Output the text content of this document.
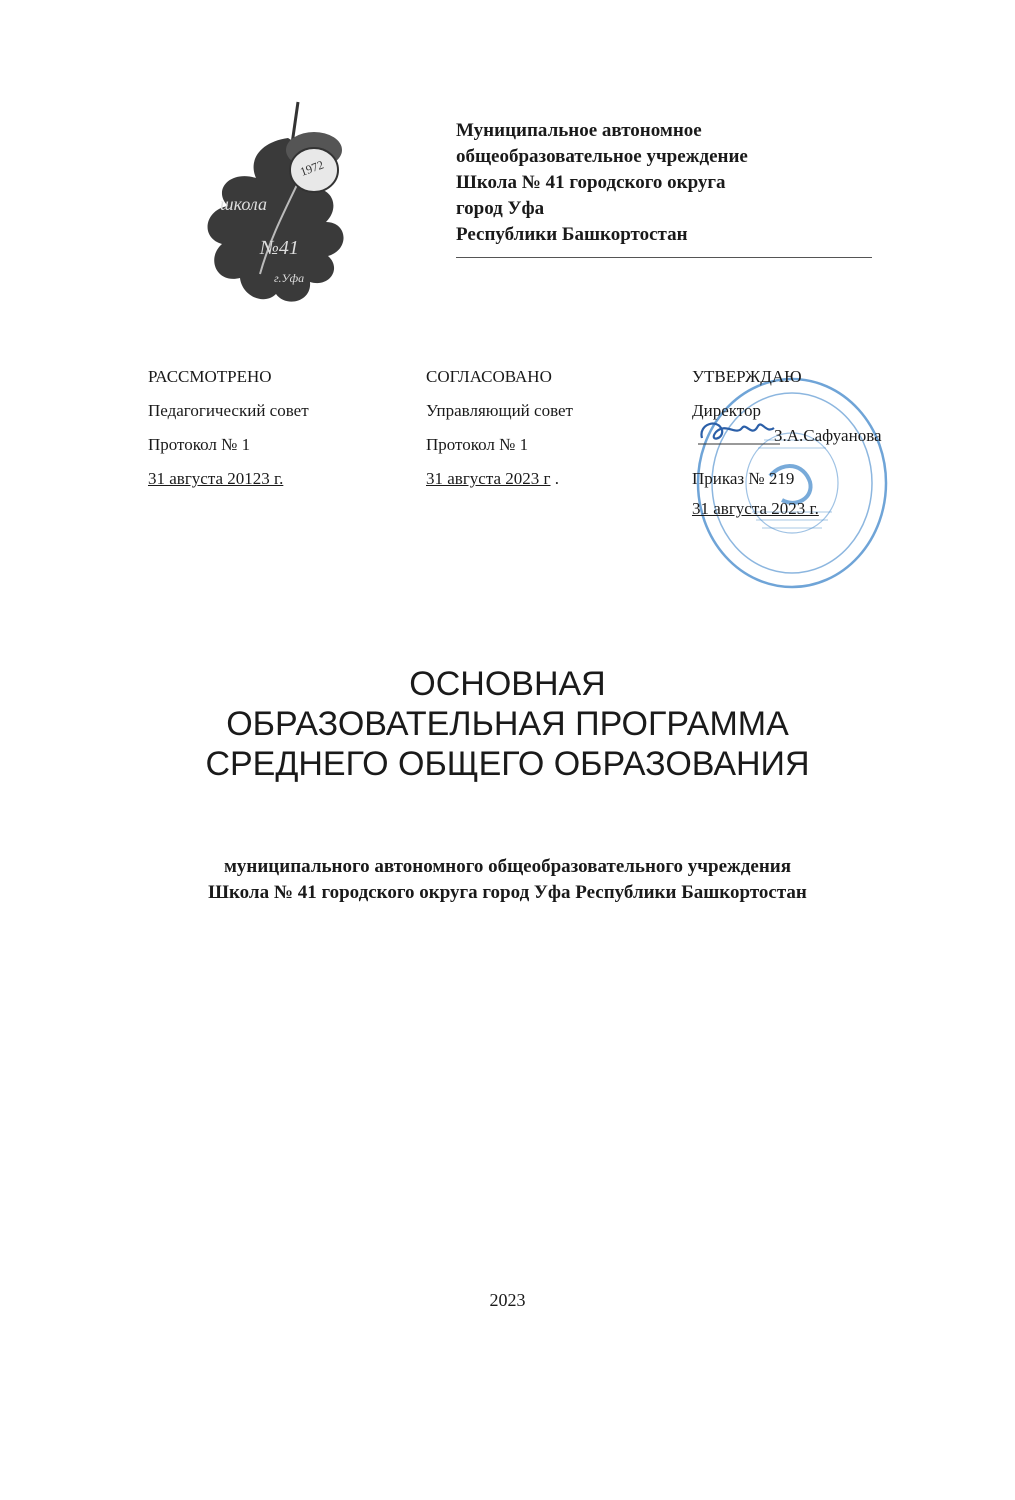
1972
школа
№41
г.Уфа
Муниципальное автономное
общеобразовательное учреждение
Школа № 41 городского округа
город Уфа
Республики Башкортостан
РАССМОТРЕНО
Педагогический совет
Протокол № 1
31 августа 20123 г.
СОГЛАСОВАНО
Управляющий совет
Протокол № 1
31 августа 2023 г .
УТВЕРЖДАЮ
Директор

Приказ № 219
31 августа 2023 г.
З.А.Сафуанова
ОСНОВНАЯ
ОБРАЗОВАТЕЛЬНАЯ ПРОГРАММА
СРЕДНЕГО ОБЩЕГО ОБРАЗОВАНИЯ
муниципального автономного общеобразовательного учреждения
Школа № 41 городского округа город Уфа Республики Башкортостан
2023
